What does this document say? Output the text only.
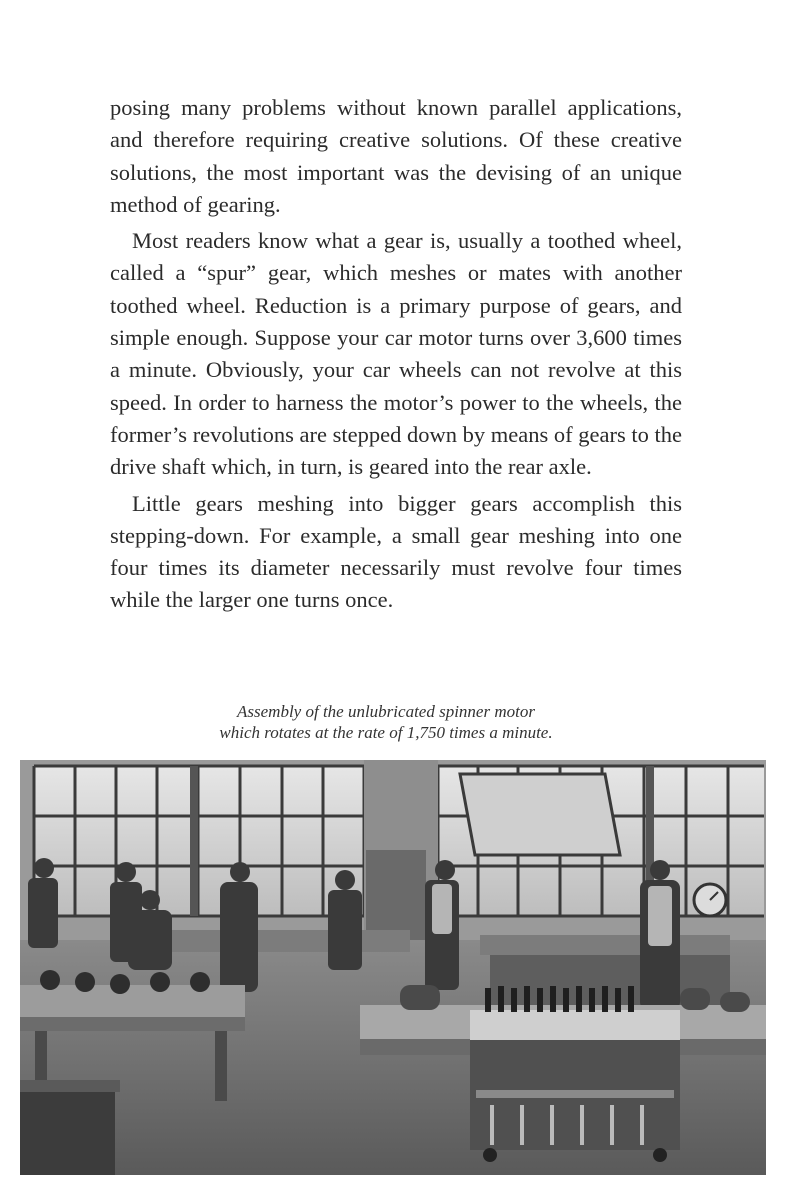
posing many problems without known parallel applications, and therefore requiring creative solutions. Of these creative solutions, the most important was the devising of an unique method of gearing.

Most readers know what a gear is, usually a toothed wheel, called a “spur” gear, which meshes or mates with another toothed wheel. Reduction is a primary purpose of gears, and simple enough. Suppose your car motor turns over 3,600 times a minute. Obviously, your car wheels can not revolve at this speed. In order to harness the motor’s power to the wheels, the former’s revolutions are stepped down by means of gears to the drive shaft which, in turn, is geared into the rear axle.

Little gears meshing into bigger gears accomplish this stepping-down. For example, a small gear meshing into one four times its diameter necessarily must revolve four times while the larger one turns once.

Assembly of the unlubricated spinner motor
which rotates at the rate of 1,750 times a minute.
